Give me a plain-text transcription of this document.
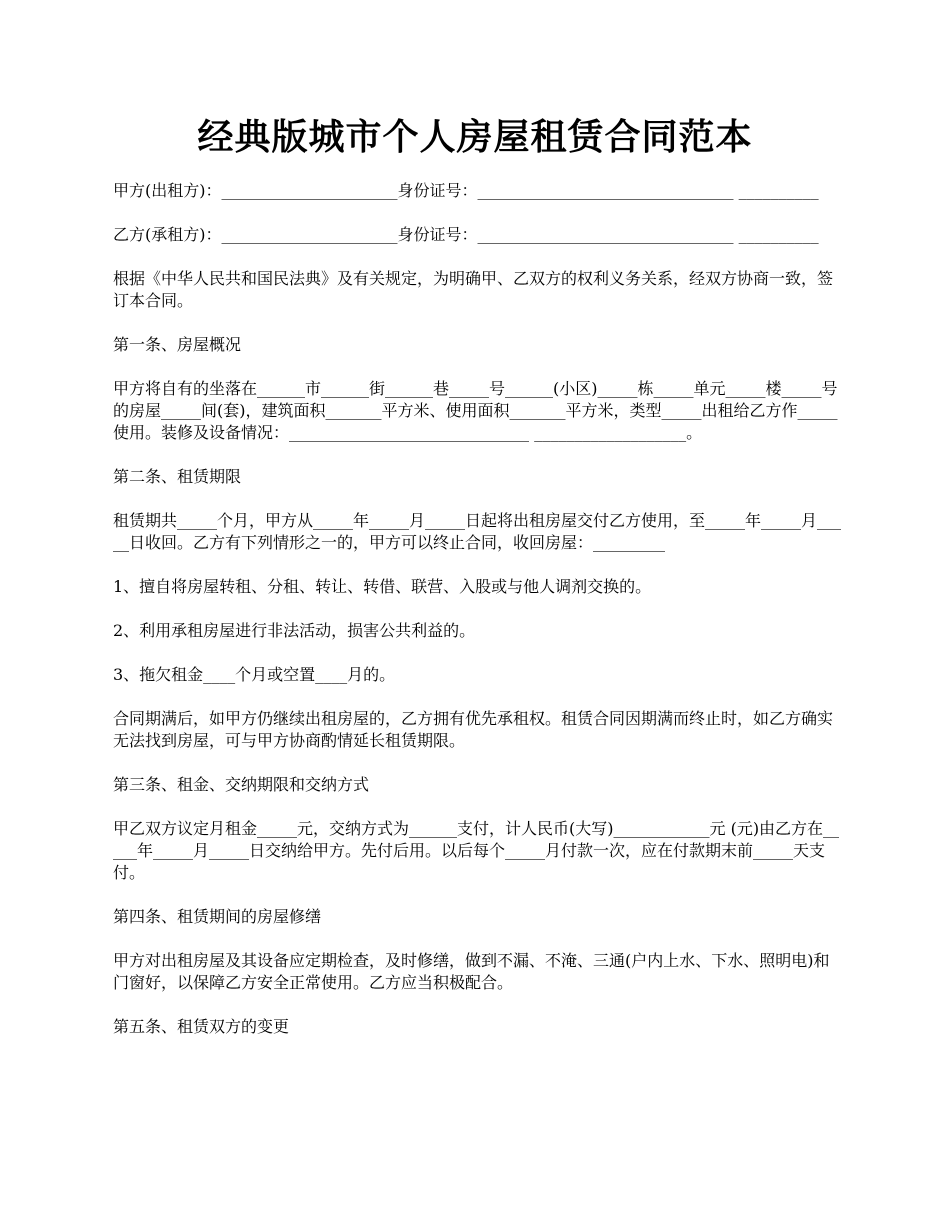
经典版城市个人房屋租赁合同范本

甲方(出租方)：______________________身份证号：________________________________ __________

乙方(承租方)：______________________身份证号：________________________________ __________

根据《中华人民共和国民法典》及有关规定，为明确甲、乙双方的权利义务关系，经双方协商一致，签订本合同。

第一条、房屋概况

甲方将自有的坐落在______市______街______巷_____号______(小区)_____栋_____单元_____楼_____号的房屋_____间(套)，建筑面积_______平方米、使用面积_______平方米，类型_____出租给乙方作_____使用。装修及设备情况：______________________________ ___________________。

第二条、租赁期限

租赁期共_____个月，甲方从_____年_____月_____日起将出租房屋交付乙方使用，至_____年_____月_____日收回。乙方有下列情形之一的，甲方可以终止合同，收回房屋：_________

1、擅自将房屋转租、分租、转让、转借、联营、入股或与他人调剂交换的。

2、利用承租房屋进行非法活动，损害公共利益的。

3、拖欠租金____个月或空置____月的。

合同期满后，如甲方仍继续出租房屋的，乙方拥有优先承租权。租赁合同因期满而终止时，如乙方确实无法找到房屋，可与甲方协商酌情延长租赁期限。

第三条、租金、交纳期限和交纳方式

甲乙双方议定月租金_____元，交纳方式为______支付，计人民币(大写)____________元 (元)由乙方在_____年_____月_____日交纳给甲方。先付后用。以后每个_____月付款一次，应在付款期末前_____天支付。

第四条、租赁期间的房屋修缮

甲方对出租房屋及其设备应定期检查，及时修缮，做到不漏、不淹、三通(户内上水、下水、照明电)和门窗好，以保障乙方安全正常使用。乙方应当积极配合。

第五条、租赁双方的变更
